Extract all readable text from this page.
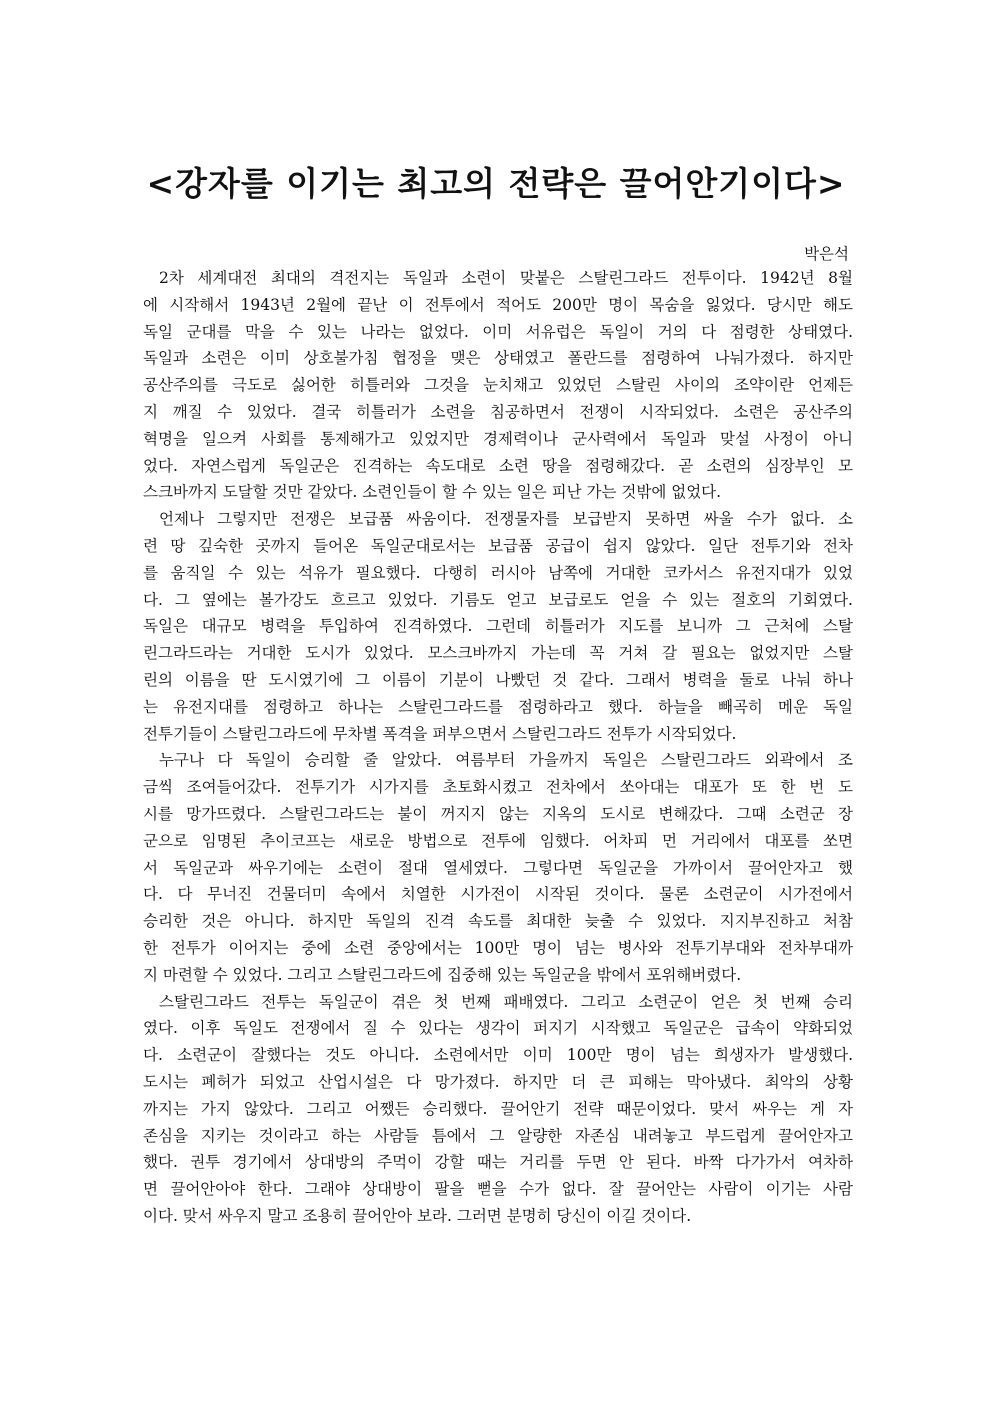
<강자를 이기는 최고의 전략은 끌어안기이다>
박은석
2차 세계대전 최대의 격전지는 독일과 소련이 맞붙은 스탈린그라드 전투이다. 1942년 8월
에 시작해서 1943년 2월에 끝난 이 전투에서 적어도 200만 명이 목숨을 잃었다. 당시만 해도
독일 군대를 막을 수 있는 나라는 없었다. 이미 서유럽은 독일이 거의 다 점령한 상태였다.
독일과 소련은 이미 상호불가침 협정을 맺은 상태였고 폴란드를 점령하여 나눠가졌다. 하지만
공산주의를 극도로 싫어한 히틀러와 그것을 눈치채고 있었던 스탈린 사이의 조약이란 언제든
지 깨질 수 있었다. 결국 히틀러가 소련을 침공하면서 전쟁이 시작되었다. 소련은 공산주의
혁명을 일으켜 사회를 통제해가고 있었지만 경제력이나 군사력에서 독일과 맞설 사정이 아니
었다. 자연스럽게 독일군은 진격하는 속도대로 소련 땅을 점령해갔다. 곧 소련의 심장부인 모
스크바까지 도달할 것만 같았다. 소련인들이 할 수 있는 일은 피난 가는 것밖에 없었다.
언제나 그렇지만 전쟁은 보급품 싸움이다. 전쟁물자를 보급받지 못하면 싸울 수가 없다. 소
련 땅 깊숙한 곳까지 들어온 독일군대로서는 보급품 공급이 쉽지 않았다. 일단 전투기와 전차
를 움직일 수 있는 석유가 필요했다. 다행히 러시아 남쪽에 거대한 코카서스 유전지대가 있었
다. 그 옆에는 볼가강도 흐르고 있었다. 기름도 얻고 보급로도 얻을 수 있는 절호의 기회였다.
독일은 대규모 병력을 투입하여 진격하였다. 그런데 히틀러가 지도를 보니까 그 근처에 스탈
린그라드라는 거대한 도시가 있었다. 모스크바까지 가는데 꼭 거쳐 갈 필요는 없었지만 스탈
린의 이름을 딴 도시였기에 그 이름이 기분이 나빴던 것 같다. 그래서 병력을 둘로 나눠 하나
는 유전지대를 점령하고 하나는 스탈린그라드를 점령하라고 했다. 하늘을 빼곡히 메운 독일
전투기들이 스탈린그라드에 무차별 폭격을 퍼부으면서 스탈린그라드 전투가 시작되었다.
누구나 다 독일이 승리할 줄 알았다. 여름부터 가을까지 독일은 스탈린그라드 외곽에서 조
금씩 조여들어갔다. 전투기가 시가지를 초토화시켰고 전차에서 쏘아대는 대포가 또 한 번 도
시를 망가뜨렸다. 스탈린그라드는 불이 꺼지지 않는 지옥의 도시로 변해갔다. 그때 소련군 장
군으로 임명된 추이코프는 새로운 방법으로 전투에 임했다. 어차피 먼 거리에서 대포를 쏘면
서 독일군과 싸우기에는 소련이 절대 열세였다. 그렇다면 독일군을 가까이서 끌어안자고 했
다. 다 무너진 건물더미 속에서 치열한 시가전이 시작된 것이다. 물론 소련군이 시가전에서
승리한 것은 아니다. 하지만 독일의 진격 속도를 최대한 늦출 수 있었다. 지지부진하고 처참
한 전투가 이어지는 중에 소련 중앙에서는 100만 명이 넘는 병사와 전투기부대와 전차부대까
지 마련할 수 있었다. 그리고 스탈린그라드에 집중해 있는 독일군을 밖에서 포위해버렸다.
스탈린그라드 전투는 독일군이 겪은 첫 번째 패배였다. 그리고 소련군이 얻은 첫 번째 승리
였다. 이후 독일도 전쟁에서 질 수 있다는 생각이 퍼지기 시작했고 독일군은 급속이 약화되었
다. 소련군이 잘했다는 것도 아니다. 소련에서만 이미 100만 명이 넘는 희생자가 발생했다.
도시는 폐허가 되었고 산업시설은 다 망가졌다. 하지만 더 큰 피해는 막아냈다. 최악의 상황
까지는 가지 않았다. 그리고 어쨌든 승리했다. 끌어안기 전략 때문이었다. 맞서 싸우는 게 자
존심을 지키는 것이라고 하는 사람들 틈에서 그 알량한 자존심 내려놓고 부드럽게 끌어안자고
했다. 권투 경기에서 상대방의 주먹이 강할 때는 거리를 두면 안 된다. 바짝 다가가서 여차하
면 끌어안아야 한다. 그래야 상대방이 팔을 뻗을 수가 없다. 잘 끌어안는 사람이 이기는 사람
이다. 맞서 싸우지 말고 조용히 끌어안아 보라. 그러면 분명히 당신이 이길 것이다.
